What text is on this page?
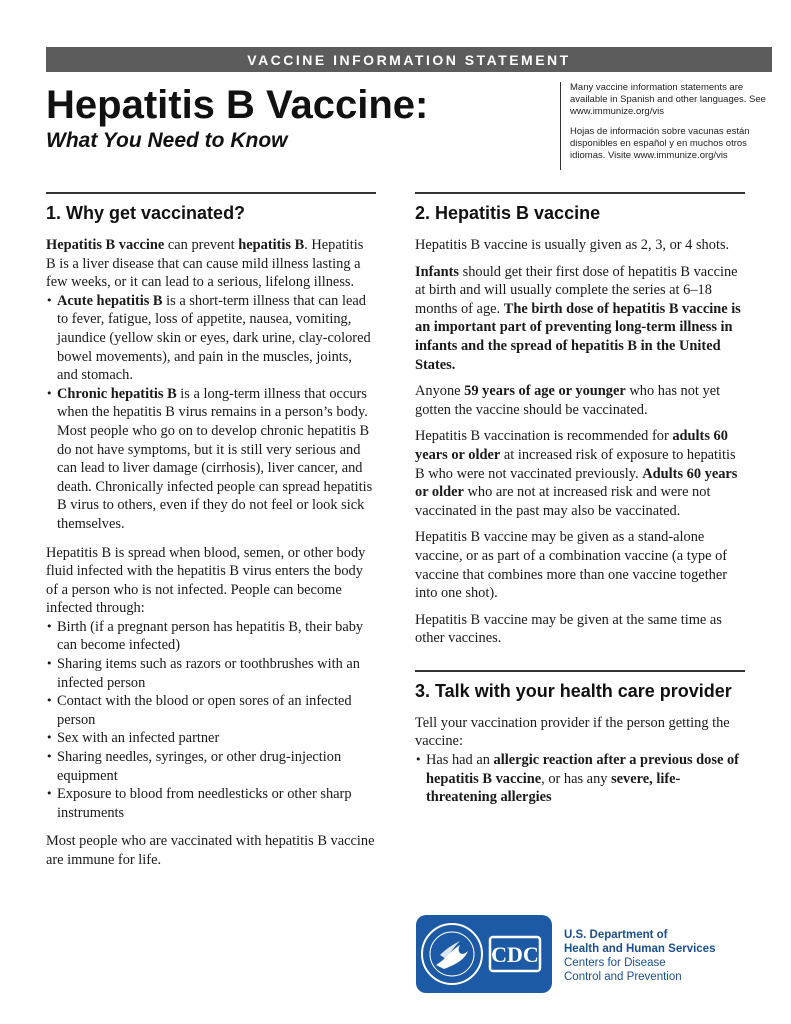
VACCINE INFORMATION STATEMENT
Hepatitis B Vaccine:
What You Need to Know

Many vaccine information statements are available in Spanish and other languages. See www.immunize.org/vis

Hojas de información sobre vacunas están disponibles en español y en muchos otros idiomas. Visite www.immunize.org/vis

1. Why get vaccinated?

Hepatitis B vaccine can prevent hepatitis B. Hepatitis B is a liver disease that can cause mild illness lasting a few weeks, or it can lead to a serious, lifelong illness.

• Acute hepatitis B is a short-term illness that can lead to fever, fatigue, loss of appetite, nausea, vomiting, jaundice (yellow skin or eyes, dark urine, clay-colored bowel movements), and pain in the muscles, joints, and stomach.
• Chronic hepatitis B is a long-term illness that occurs when the hepatitis B virus remains in a person’s body. Most people who go on to develop chronic hepatitis B do not have symptoms, but it is still very serious and can lead to liver damage (cirrhosis), liver cancer, and death. Chronically infected people can spread hepatitis B virus to others, even if they do not feel or look sick themselves.

Hepatitis B is spread when blood, semen, or other body fluid infected with the hepatitis B virus enters the body of a person who is not infected. People can become infected through:

• Birth (if a pregnant person has hepatitis B, their baby can become infected)
• Sharing items such as razors or toothbrushes with an infected person
• Contact with the blood or open sores of an infected person
• Sex with an infected partner
• Sharing needles, syringes, or other drug-injection equipment
• Exposure to blood from needlesticks or other sharp instruments

Most people who are vaccinated with hepatitis B vaccine are immune for life.

2. Hepatitis B vaccine

Hepatitis B vaccine is usually given as 2, 3, or 4 shots.

Infants should get their first dose of hepatitis B vaccine at birth and will usually complete the series at 6–18 months of age. The birth dose of hepatitis B vaccine is an important part of preventing long-term illness in infants and the spread of hepatitis B in the United States.

Anyone 59 years of age or younger who has not yet gotten the vaccine should be vaccinated.

Hepatitis B vaccination is recommended for adults 60 years or older at increased risk of exposure to hepatitis B who were not vaccinated previously. Adults 60 years or older who are not at increased risk and were not vaccinated in the past may also be vaccinated.

Hepatitis B vaccine may be given as a stand-alone vaccine, or as part of a combination vaccine (a type of vaccine that combines more than one vaccine together into one shot).

Hepatitis B vaccine may be given at the same time as other vaccines.

3. Talk with your health care provider

Tell your vaccination provider if the person getting the vaccine:

• Has had an allergic reaction after a previous dose of hepatitis B vaccine, or has any severe, life-threatening allergies
CDC
U.S. Department of
Health and Human Services
Centers for Disease
Control and Prevention
